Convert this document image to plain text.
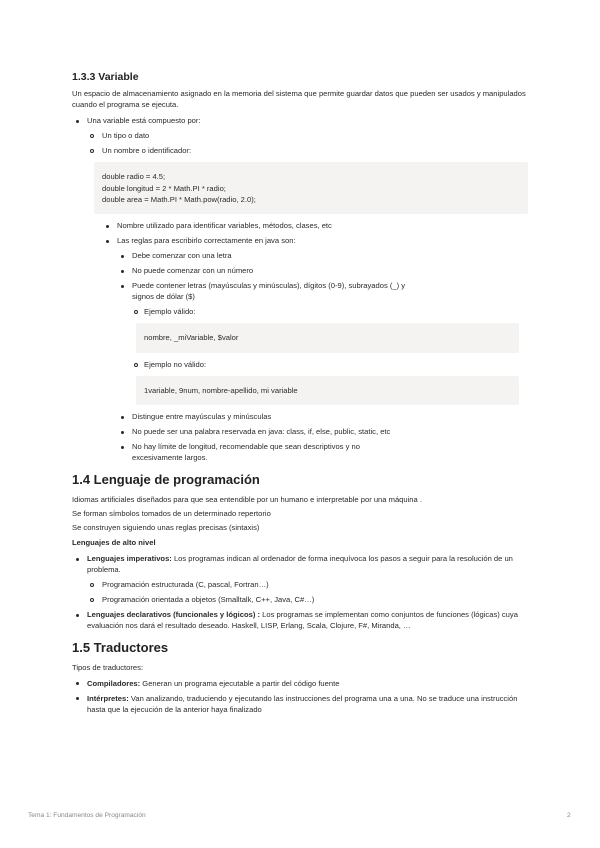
1.3.3 Variable

Un espacio de almacenamiento asignado en la memoria del sistema que permite guardar datos que pueden ser usados y manipulados cuando el programa se ejecuta.

Una variable está compuesto por:
Un tipo o dato
Un nombre o identificador:
double radio = 4.5;
double longitud = 2 * Math.PI * radio;
double area = Math.PI * Math.pow(radio, 2.0);
Nombre utilizado para identificar variables, métodos, clases, etc
Las reglas para escribirlo correctamente en java son:
Debe comenzar con una letra
No puede comenzar con un número
Puede contener letras (mayúsculas y minúsculas), dígitos (0-9), subrayados (_) y signos de dólar ($)
Ejemplo válido:
nombre, _miVariable, $valor
Ejemplo no válido:
1variable, 9num, nombre-apellido, mi variable
Distingue entre mayúsculas y minúsculas
No puede ser una palabra reservada en java: class, if, else, public, static, etc
No hay límite de longitud, recomendable que sean descriptivos y no excesivamente largos.
1.4 Lenguaje de programación

Idiomas artificiales diseñados para que sea entendible por un humano e interpretable por una máquina .

Se forman símbolos tomados de un determinado repertorio

Se construyen siguiendo unas reglas precisas (sintaxis)

Lenguajes de alto nivel

Lenguajes imperativos: Los programas indican al ordenador de forma inequívoca los pasos a seguir para la resolución de un problema.
Programación estructurada (C, pascal, Fortran…)
Programación orientada a objetos (Smalltalk, C++, Java, C#…)
Lenguajes declarativos (funcionales y lógicos) : Los programas se implementan como conjuntos de funciones (lógicas) cuya evaluación nos dará el resultado deseado. Haskell, LISP, Erlang, Scala, Clojure, F#, Miranda, …
1.5 Traductores

Tipos de traductores:

Compiladores: Generan un programa ejecutable a partir del código fuente
Intérpretes: Van analizando, traduciendo y ejecutando las instrucciones del programa una a una. No se traduce una instrucción hasta que la ejecución de la anterior haya finalizado
Tema 1: Fundamentos de Programación	2
